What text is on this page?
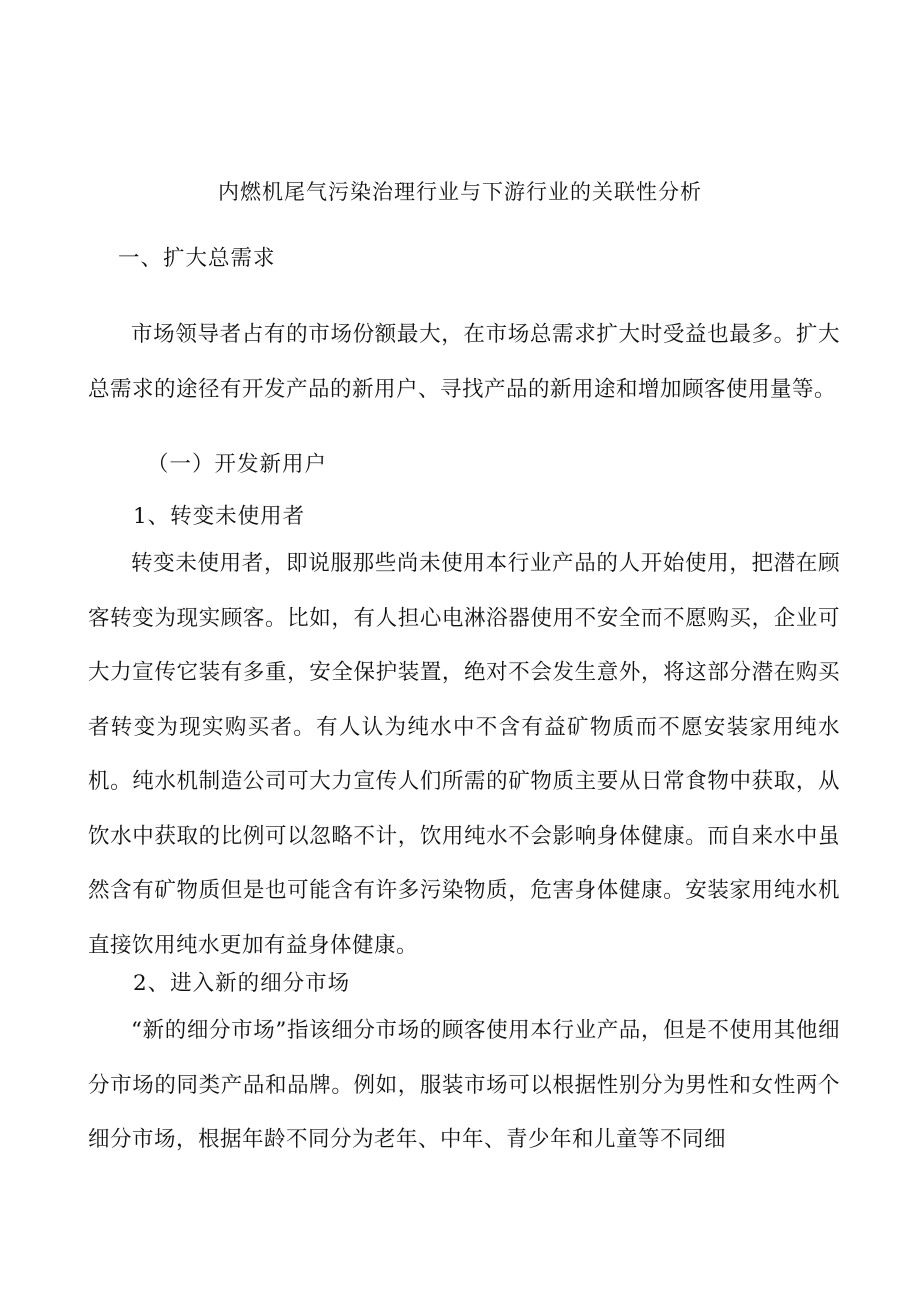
内燃机尾气污染治理行业与下游行业的关联性分析

一、扩大总需求

市场领导者占有的市场份额最大，在市场总需求扩大时受益也最多。扩大总需求的途径有开发产品的新用户、寻找产品的新用途和增加顾客使用量等。

（一）开发新用户

1、转变未使用者

转变未使用者，即说服那些尚未使用本行业产品的人开始使用，把潜在顾客转变为现实顾客。比如，有人担心电淋浴器使用不安全而不愿购买，企业可大力宣传它装有多重，安全保护装置，绝对不会发生意外，将这部分潜在购买者转变为现实购买者。有人认为纯水中不含有益矿物质而不愿安装家用纯水机。纯水机制造公司可大力宣传人们所需的矿物质主要从日常食物中获取，从饮水中获取的比例可以忽略不计，饮用纯水不会影响身体健康。而自来水中虽然含有矿物质但是也可能含有许多污染物质，危害身体健康。安装家用纯水机直接饮用纯水更加有益身体健康。

2、进入新的细分市场

“新的细分市场”指该细分市场的顾客使用本行业产品，但是不使用其他细分市场的同类产品和品牌。例如，服装市场可以根据性别分为男性和女性两个细分市场，根据年龄不同分为老年、中年、青少年和儿童等不同细
